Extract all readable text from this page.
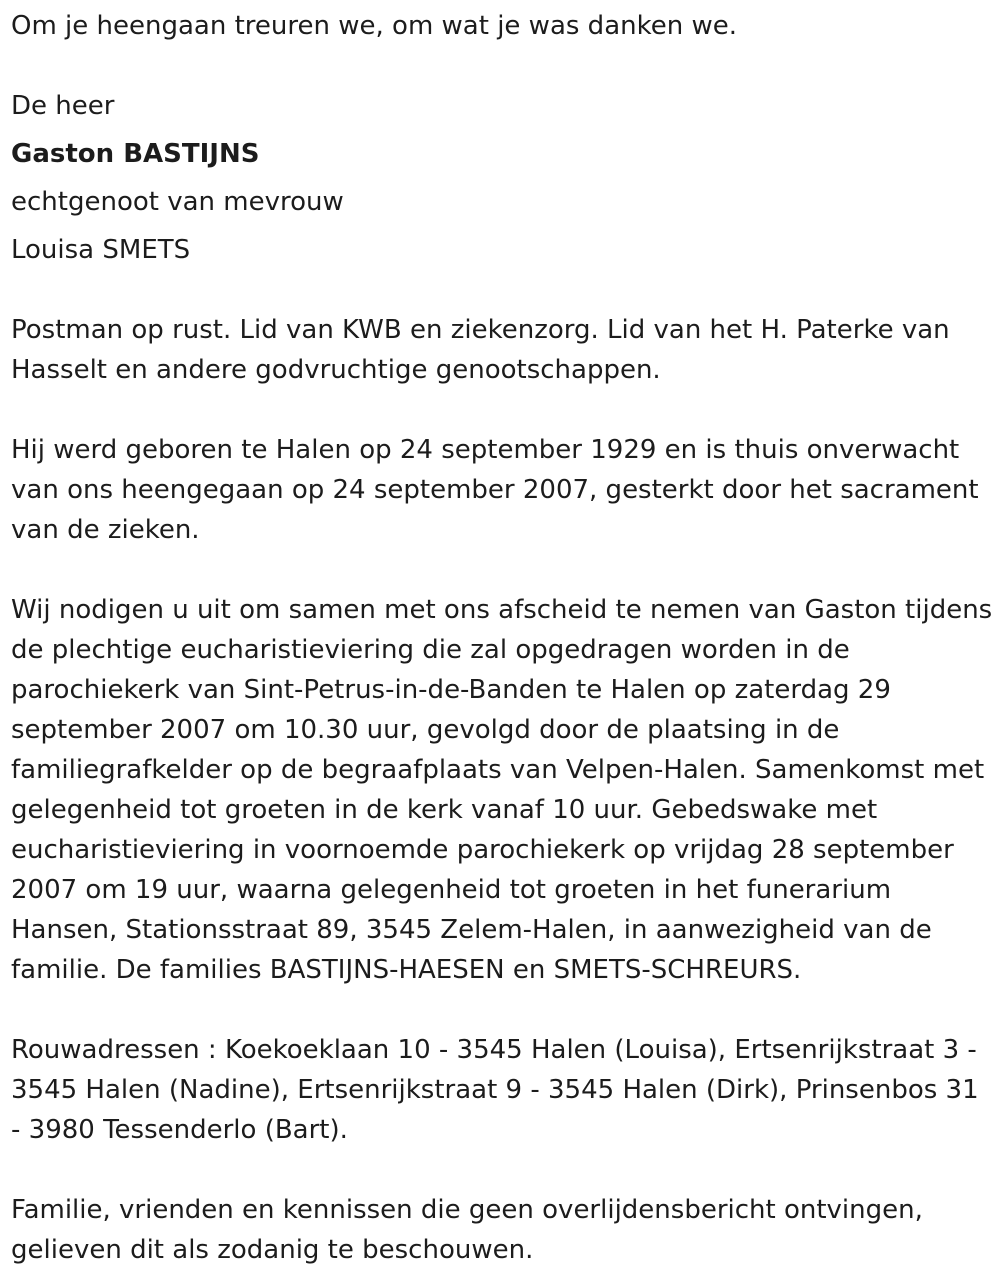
Om je heengaan treuren we, om wat je was danken we.
De heer
Gaston BASTIJNS
echtgenoot van mevrouw
Louisa SMETS

Postman op rust. Lid van KWB en ziekenzorg. Lid van het H. Paterke van Hasselt en andere godvruchtige genootschappen.

Hij werd geboren te Halen op 24 september 1929 en is thuis onverwacht van ons heengegaan op 24 september 2007, gesterkt door het sacrament van de zieken.

Wij nodigen u uit om samen met ons afscheid te nemen van Gaston tijdens de plechtige eucharistieviering die zal opgedragen worden in de parochiekerk van Sint-Petrus-in-de-Banden te Halen op zaterdag 29 september 2007 om 10.30 uur, gevolgd door de plaatsing in de familiegrafkelder op de begraafplaats van Velpen-Halen. Samenkomst met gelegenheid tot groeten in de kerk vanaf 10 uur. Gebedswake met eucharistieviering in voornoemde parochiekerk op vrijdag 28 september 2007 om 19 uur, waarna gelegenheid tot groeten in het funerarium Hansen, Stationsstraat 89, 3545 Zelem-Halen, in aanwezigheid van de familie. De families BASTIJNS-HAESEN en SMETS-SCHREURS.

Rouwadressen : Koekoeklaan 10 - 3545 Halen (Louisa), Ertsenrijkstraat 3 - 3545 Halen (Nadine), Ertsenrijkstraat 9 - 3545 Halen (Dirk), Prinsenbos 31 - 3980 Tessenderlo (Bart).

Familie, vrienden en kennissen die geen overlijdensbericht ontvingen, gelieven dit als zodanig te beschouwen.
